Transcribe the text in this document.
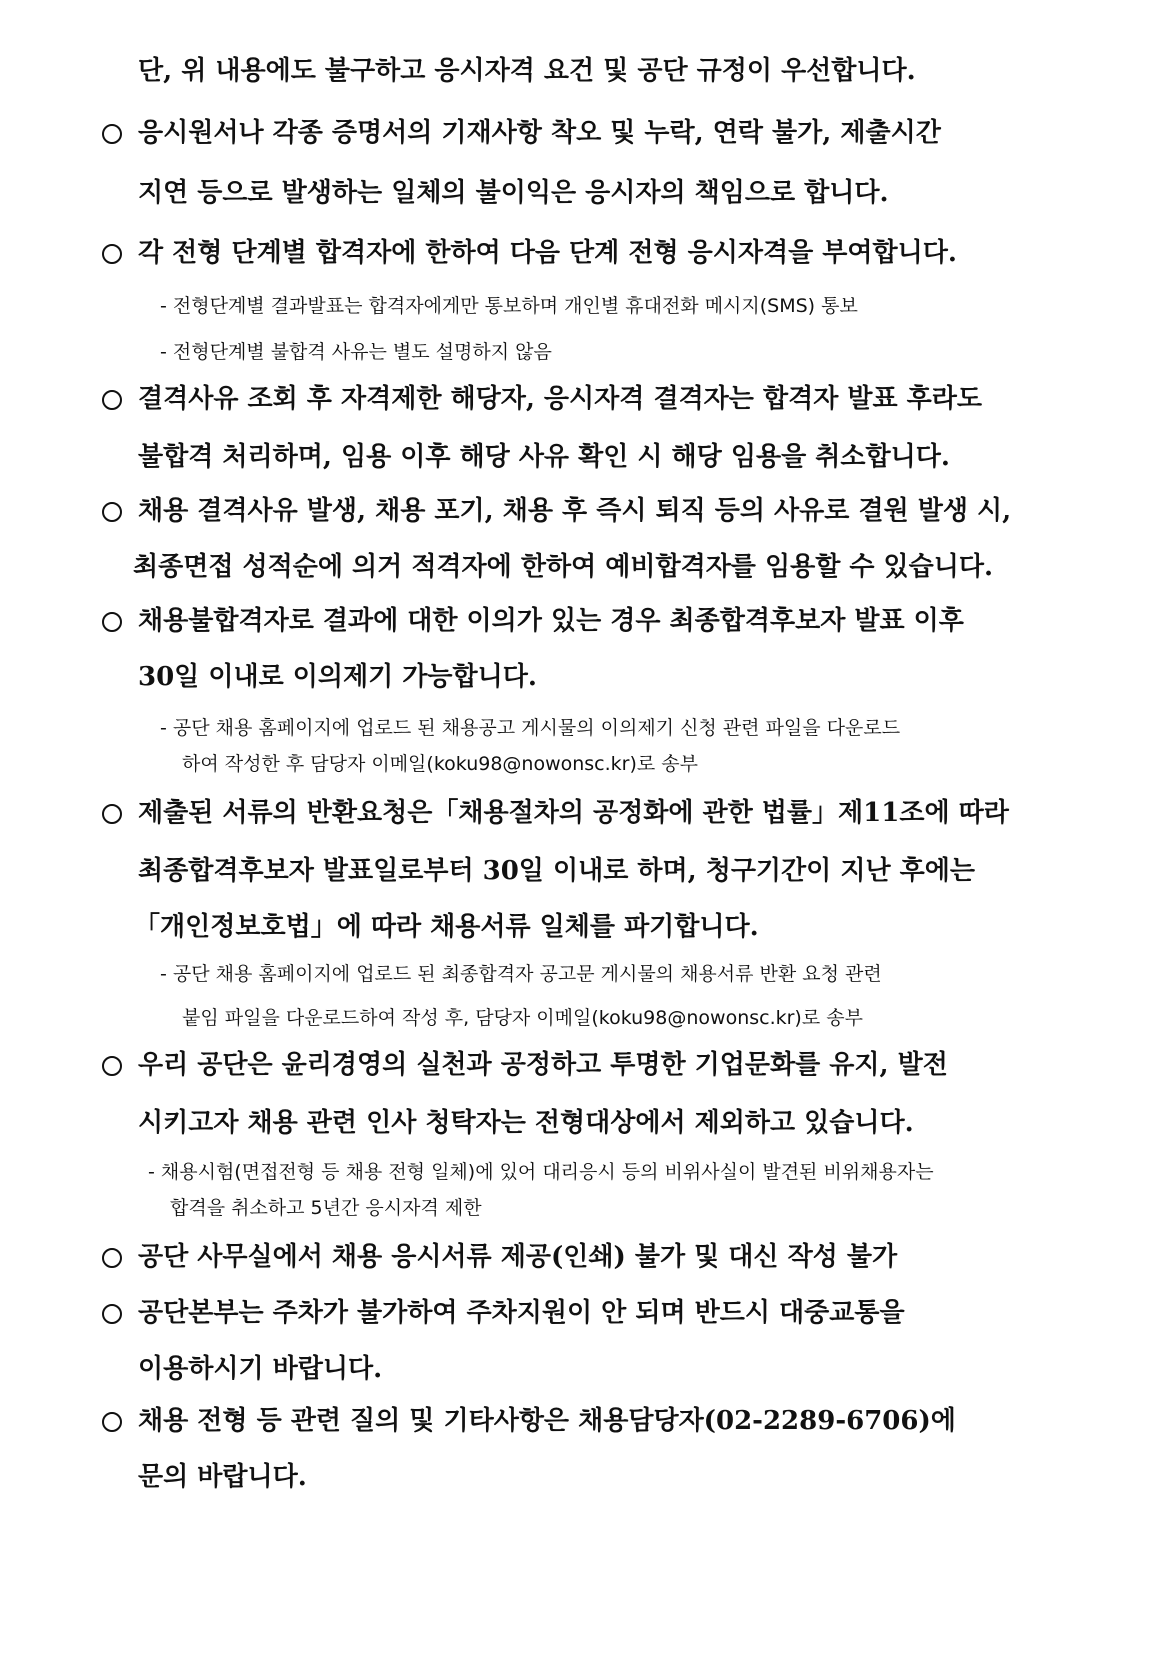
단, 위 내용에도 불구하고 응시자격 요건 및 공단 규정이 우선합니다.
응시원서나 각종 증명서의 기재사항 착오 및 누락, 연락 불가, 제출시간
지연 등으로 발생하는 일체의 불이익은 응시자의 책임으로 합니다.
각 전형 단계별 합격자에 한하여 다음 단계 전형 응시자격을 부여합니다.
- 전형단계별 결과발표는 합격자에게만 통보하며 개인별 휴대전화 메시지(SMS) 통보
- 전형단계별 불합격 사유는 별도 설명하지 않음
결격사유 조회 후 자격제한 해당자, 응시자격 결격자는 합격자 발표 후라도
불합격 처리하며, 임용 이후 해당 사유 확인 시 해당 임용을 취소합니다.
채용 결격사유 발생, 채용 포기, 채용 후 즉시 퇴직 등의 사유로 결원 발생 시,
최종면접 성적순에 의거 적격자에 한하여 예비합격자를 임용할 수 있습니다.
채용불합격자로 결과에 대한 이의가 있는 경우 최종합격후보자 발표 이후
30일 이내로 이의제기 가능합니다.
- 공단 채용 홈페이지에 업로드 된 채용공고 게시물의 이의제기 신청 관련 파일을 다운로드
하여 작성한 후 담당자 이메일(koku98@nowonsc.kr)로 송부
제출된 서류의 반환요청은「채용절차의 공정화에 관한 법률」제11조에 따라
최종합격후보자 발표일로부터 30일 이내로 하며, 청구기간이 지난 후에는
「개인정보호법」에 따라 채용서류 일체를 파기합니다.
- 공단 채용 홈페이지에 업로드 된 최종합격자 공고문 게시물의 채용서류 반환 요청 관련
붙임 파일을 다운로드하여 작성 후, 담당자 이메일(koku98@nowonsc.kr)로 송부
우리 공단은 윤리경영의 실천과 공정하고 투명한 기업문화를 유지, 발전
시키고자 채용 관련 인사 청탁자는 전형대상에서 제외하고 있습니다.
- 채용시험(면접전형 등 채용 전형 일체)에 있어 대리응시 등의 비위사실이 발견된 비위채용자는
합격을 취소하고 5년간 응시자격 제한
공단 사무실에서 채용 응시서류 제공(인쇄) 불가 및 대신 작성 불가
공단본부는 주차가 불가하여 주차지원이 안 되며 반드시 대중교통을
이용하시기 바랍니다.
채용 전형 등 관련 질의 및 기타사항은 채용담당자(02-2289-6706)에
문의 바랍니다.
